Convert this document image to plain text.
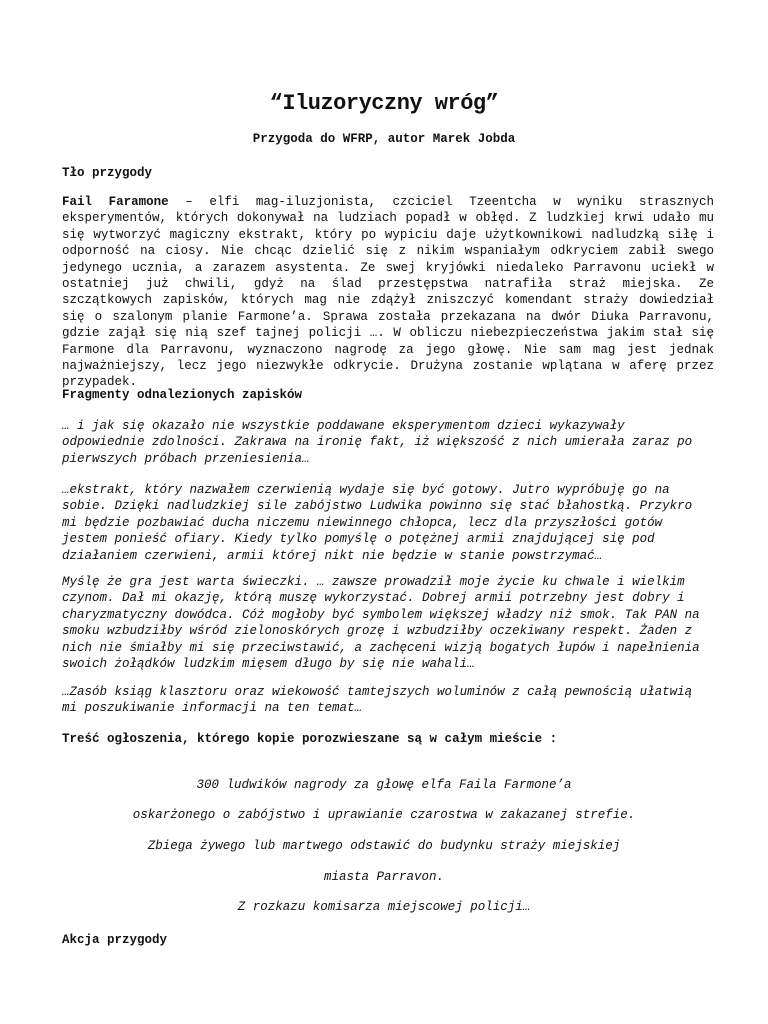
“Iluzoryczny wróg”
Przygoda do WFRP, autor Marek Jobda
Tło przygody

Fail Faramone – elfi mag-iluzjonista, czciciel Tzeentcha w wyniku strasznych eksperymentów, których dokonywał na ludziach popadł w obłęd. Z ludzkiej krwi udało mu się wytworzyć magiczny ekstrakt, który po wypiciu daje użytkownikowi nadludzką siłę i odporność na ciosy. Nie chcąc dzielić się z nikim wspaniałym odkryciem zabił swego jedynego ucznia, a zarazem asystenta. Ze swej kryjówki niedaleko Parravonu uciekł w ostatniej już chwili, gdyż na ślad przestępstwa natrafiła straż miejska. Ze szczątkowych zapisków, których mag nie zdążył zniszczyć komendant straży dowiedział się o szalonym planie Farmone’a. Sprawa została przekazana na dwór Diuka Parravonu, gdzie zajął się nią szef tajnej policji …. W obliczu niebezpieczeństwa jakim stał się Farmone dla Parravonu, wyznaczono nagrodę za jego głowę. Nie sam mag jest jednak najważniejszy, lecz jego niezwykłe odkrycie. Drużyna zostanie wplątana w aferę przez przypadek.

Fragmenty odnalezionych zapisków

… i jak się okazało nie wszystkie poddawane eksperymentom dzieci wykazywały odpowiednie zdolności. Zakrawa na ironię fakt, iż większość z nich umierała zaraz po pierwszych próbach przeniesienia…

…ekstrakt, który nazwałem czerwienią wydaje się być gotowy. Jutro wypróbuję go na sobie. Dzięki nadludzkiej sile zabójstwo Ludwika powinno się stać błahostką. Przykro mi będzie pozbawiać ducha niczemu niewinnego chłopca, lecz dla przyszłości gotów jestem ponieść ofiary. Kiedy tylko pomyślę o potężnej armii znajdującej się pod działaniem czerwieni, armii której nikt nie będzie w stanie powstrzymać…

Myślę że gra jest warta świeczki. … zawsze prowadził moje życie ku chwale i wielkim czynom. Dał mi okazję, którą muszę wykorzystać. Dobrej armii potrzebny jest dobry i charyzmatyczny dowódca. Cóż mogłoby być symbolem większej władzy niż smok. Tak PAN na smoku wzbudziłby wśród zielonoskórych grozę i wzbudziłby oczekiwany respekt. Żaden z nich nie śmiałby mi się przeciwstawić, a zachęceni wizją bogatych łupów i napełnienia swoich żołądków ludzkim mięsem długo by się nie wahali…

…Zasób ksiąg klasztoru oraz wiekowość tamtejszych woluminów z całą pewnością ułatwią mi poszukiwanie informacji na ten temat…

Treść ogłoszenia, którego kopie porozwieszane są w całym mieście :
300 ludwików nagrody za głowę elfa Faila Farmone’a
oskarżonego o zabójstwo i uprawianie czarostwa w zakazanej strefie.
Zbiega żywego lub martwego odstawić do budynku straży miejskiej
miasta Parravon.
Z rozkazu komisarza miejscowej policji…
Akcja przygody
